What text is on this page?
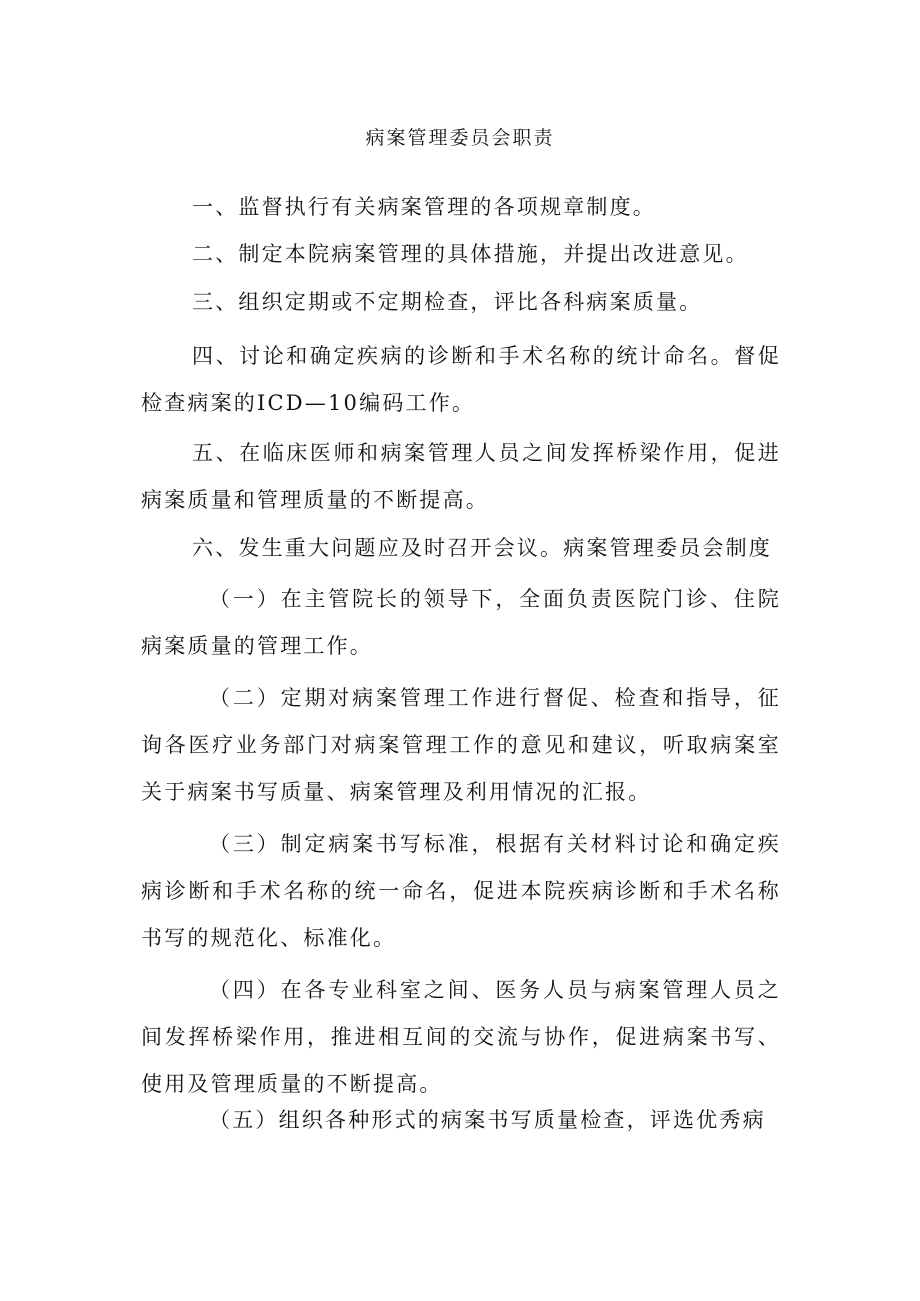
病案管理委员会职责

一、监督执行有关病案管理的各项规章制度。

二、制定本院病案管理的具体措施，并提出改进意见。

三、组织定期或不定期检查，评比各科病案质量。

四、讨论和确定疾病的诊断和手术名称的统计命名。督促检查病案的ICD—10编码工作。

五、在临床医师和病案管理人员之间发挥桥梁作用，促进病案质量和管理质量的不断提高。

六、发生重大问题应及时召开会议。病案管理委员会制度

（一）在主管院长的领导下，全面负责医院门诊、住院病案质量的管理工作。

（二）定期对病案管理工作进行督促、检查和指导，征询各医疗业务部门对病案管理工作的意见和建议，听取病案室关于病案书写质量、病案管理及利用情况的汇报。

（三）制定病案书写标准，根据有关材料讨论和确定疾病诊断和手术名称的统一命名，促进本院疾病诊断和手术名称书写的规范化、标准化。

（四）在各专业科室之间、医务人员与病案管理人员之间发挥桥梁作用，推进相互间的交流与协作，促进病案书写、使用及管理质量的不断提高。

（五）组织各种形式的病案书写质量检查，评选优秀病
